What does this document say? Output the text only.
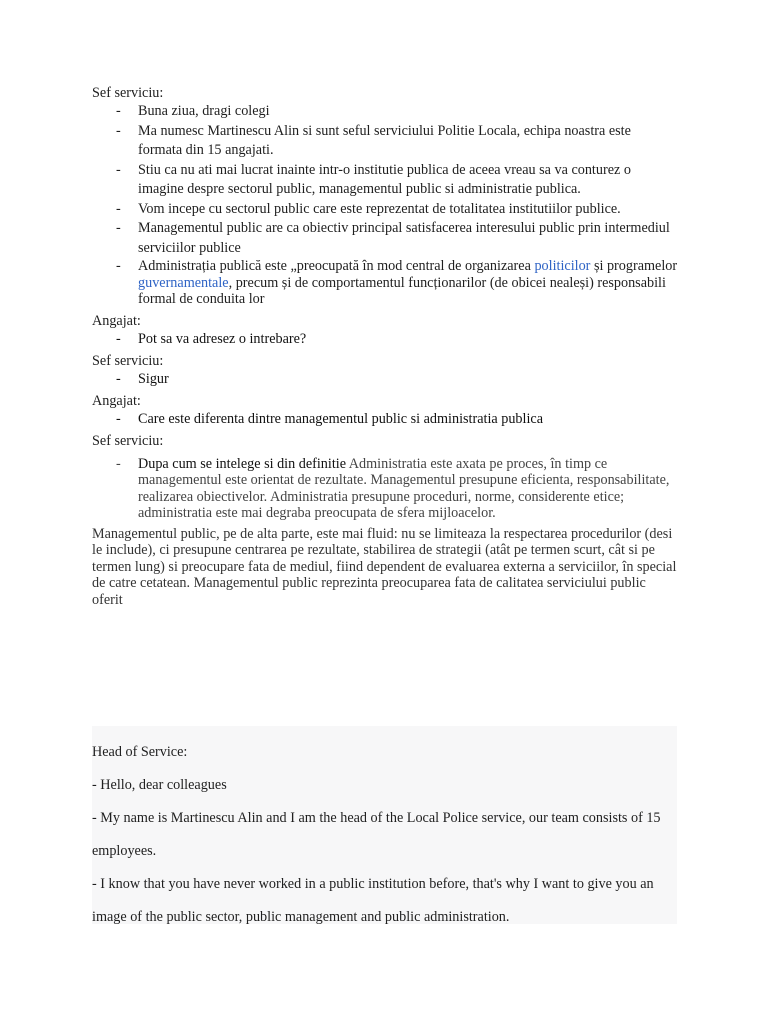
Sef serviciu:

- Buna ziua, dragi colegi
- Ma numesc Martinescu Alin si sunt seful serviciului Politie Locala, echipa noastra este formata din 15 angajati.
- Stiu ca nu ati mai lucrat inainte intr-o institutie publica de aceea vreau sa va conturez o imagine despre sectorul public, managementul public si administratie publica.
- Vom incepe cu sectorul public care este reprezentat de totalitatea institutiilor publice.
- Managementul public are ca obiectiv principal satisfacerea interesului public prin intermediul serviciilor publice
- Administrația publică este „preocupată în mod central de organizarea politicilor și programelor guvernamentale, precum și de comportamentul funcționarilor (de obicei nealeși) responsabili formal de conduita lor

Angajat:

- Pot sa va adresez o intrebare?

Sef serviciu:

- Sigur

Angajat:

- Care este diferenta dintre managementul public si administratia publica

Sef serviciu:

- Dupa cum se intelege si din definitie Administratia este axata pe proces, în timp ce managementul este orientat de rezultate. Managementul presupune eficienta, responsabilitate, realizarea obiectivelor. Administratia presupune proceduri, norme, considerente etice; administratia este mai degraba preocupata de sfera mijloacelor.

Managementul public, pe de alta parte, este mai fluid: nu se limiteaza la respectarea procedurilor (desi le include), ci presupune centrarea pe rezultate, stabilirea de strategii (atât pe termen scurt, cât si pe termen lung) si preocupare fata de mediul, fiind dependent de evaluarea externa a serviciilor, în special de catre cetatean. Managementul public reprezinta preocuparea fata de calitatea serviciului public oferit

Head of Service:

- Hello, dear colleagues

- My name is Martinescu Alin and I am the head of the Local Police service, our team consists of 15 employees.

- I know that you have never worked in a public institution before, that's why I want to give you an image of the public sector, public management and public administration.
